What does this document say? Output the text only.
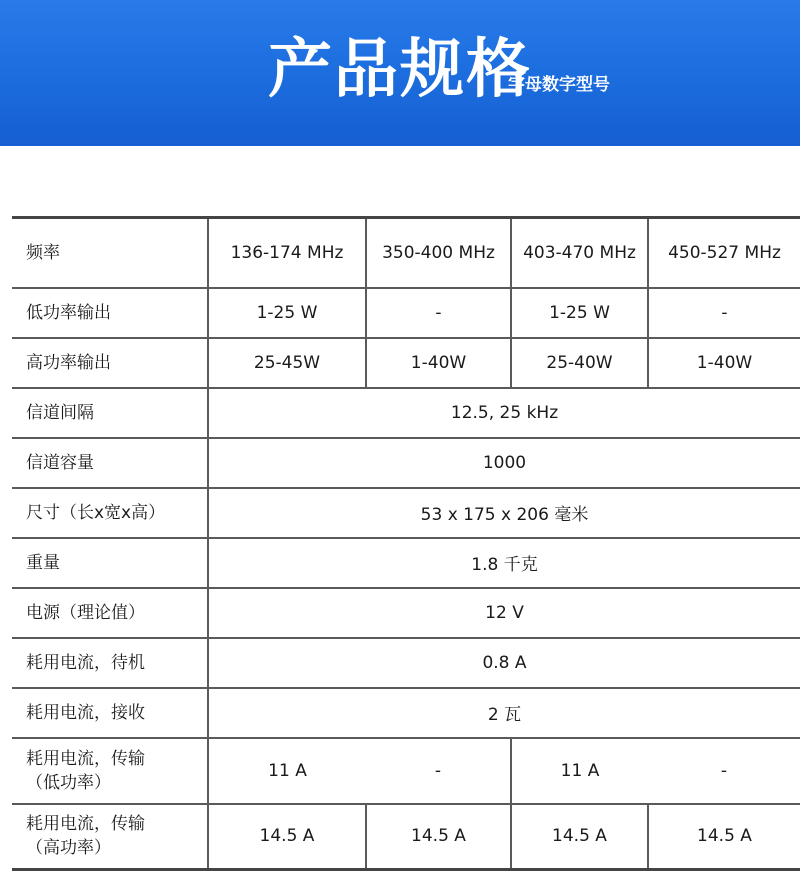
产品规格
字母数字型号
频率	136-174 MHz	350-400 MHz	403-470 MHz	450-527 MHz
低功率输出	1-25 W	-	1-25 W	-
高功率输出	25-45W	1-40W	25-40W	1-40W
信道间隔	12.5, 25 kHz			
信道容量	1000			
尺寸（长x宽x高）	53 x 175 x 206 毫米			
重量	1.8 千克			
电源（理论值）	12 V			
耗用电流，待机	0.8 A			
耗用电流，接收	2 瓦			
耗用电流，传输
（低功率）	11 A	-	11 A	-
耗用电流，传输
（高功率）	14.5 A	14.5 A	14.5 A	14.5 A
